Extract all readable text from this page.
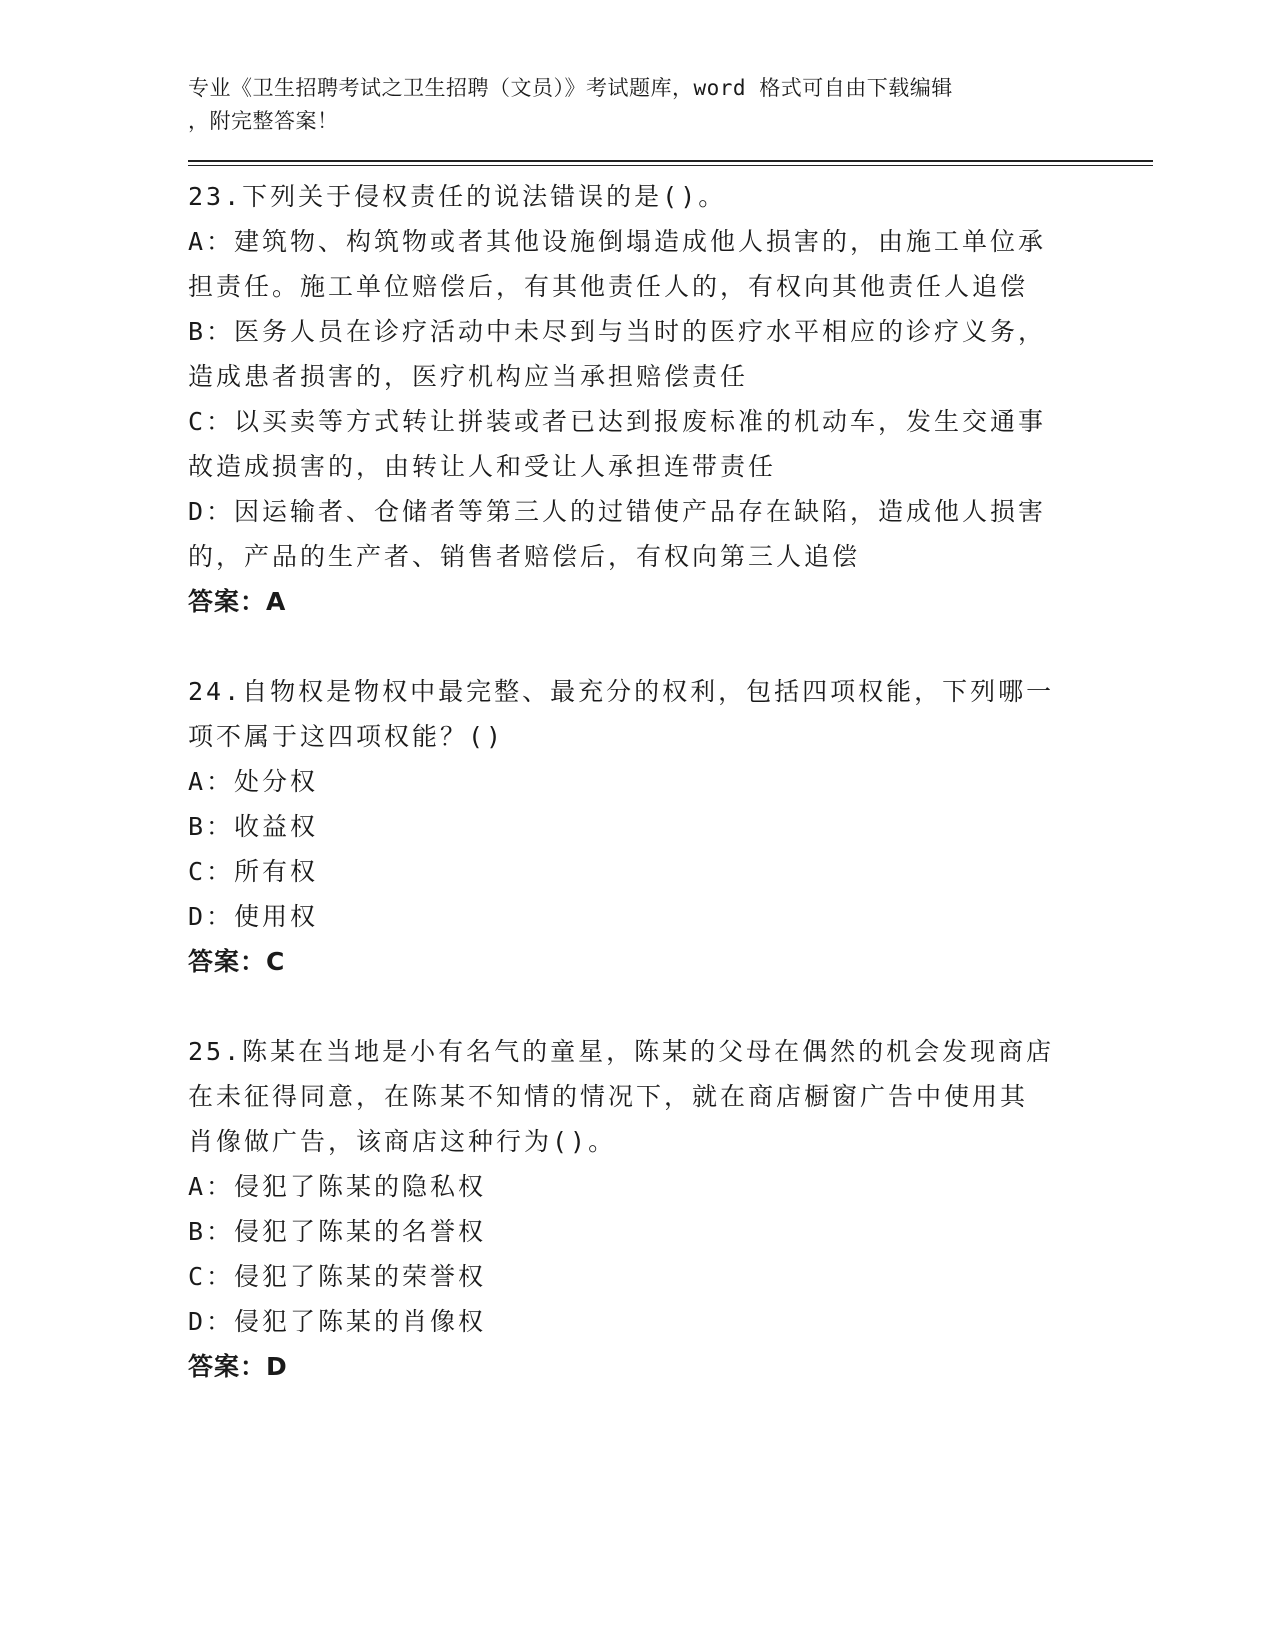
专业《卫生招聘考试之卫生招聘（文员）》考试题库，word 格式可自由下载编辑

，附完整答案！

23.下列关于侵权责任的说法错误的是()。

A：建筑物、构筑物或者其他设施倒塌造成他人损害的，由施工单位承

担责任。施工单位赔偿后，有其他责任人的，有权向其他责任人追偿

B：医务人员在诊疗活动中未尽到与当时的医疗水平相应的诊疗义务，

造成患者损害的，医疗机构应当承担赔偿责任

C：以买卖等方式转让拼装或者已达到报废标准的机动车，发生交通事

故造成损害的，由转让人和受让人承担连带责任

D：因运输者、仓储者等第三人的过错使产品存在缺陷，造成他人损害

的，产品的生产者、销售者赔偿后，有权向第三人追偿

答案：A

24.自物权是物权中最完整、最充分的权利，包括四项权能，下列哪一

项不属于这四项权能？()

A：处分权

B：收益权

C：所有权

D：使用权

答案：C

25.陈某在当地是小有名气的童星，陈某的父母在偶然的机会发现商店

在未征得同意，在陈某不知情的情况下，就在商店橱窗广告中使用其

肖像做广告，该商店这种行为()。

A：侵犯了陈某的隐私权

B：侵犯了陈某的名誉权

C：侵犯了陈某的荣誉权

D：侵犯了陈某的肖像权

答案：D
